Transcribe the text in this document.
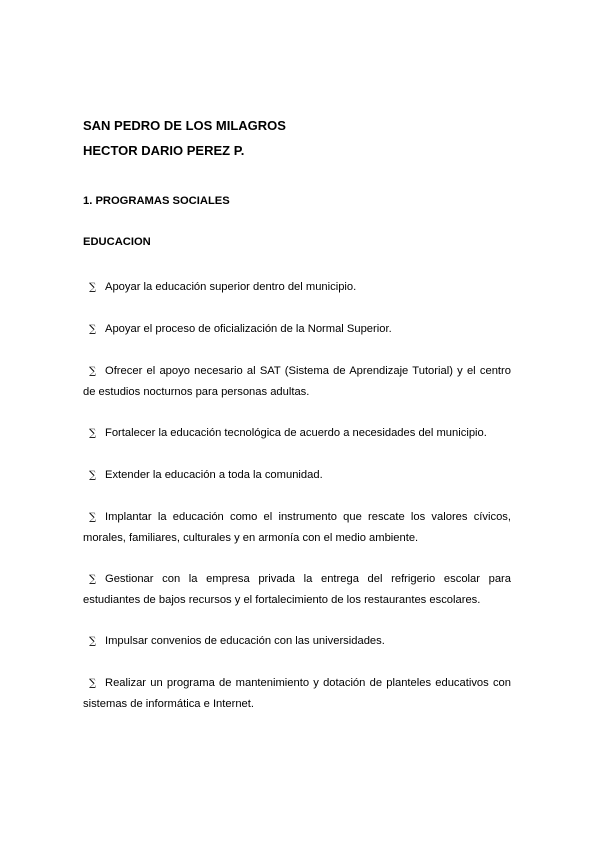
SAN PEDRO DE LOS MILAGROS

HECTOR DARIO PEREZ P.

1. PROGRAMAS SOCIALES

EDUCACION

∑ Apoyar la educación superior dentro del municipio.
∑ Apoyar el proceso de oficialización de la Normal Superior.
∑ Ofrecer el apoyo necesario al SAT (Sistema de Aprendizaje Tutorial) y el centro de estudios nocturnos para personas adultas.
∑ Fortalecer la educación tecnológica de acuerdo a necesidades del municipio.
∑ Extender la educación a toda la comunidad.
∑ Implantar la educación como el instrumento que rescate los valores cívicos, morales, familiares, culturales y en armonía con el medio ambiente.
∑ Gestionar con la empresa privada la entrega del refrigerio escolar para estudiantes de bajos recursos y el fortalecimiento de los restaurantes escolares.
∑ Impulsar convenios de educación con las universidades.
∑ Realizar un programa de mantenimiento y dotación de planteles educativos con sistemas de informática e Internet.
